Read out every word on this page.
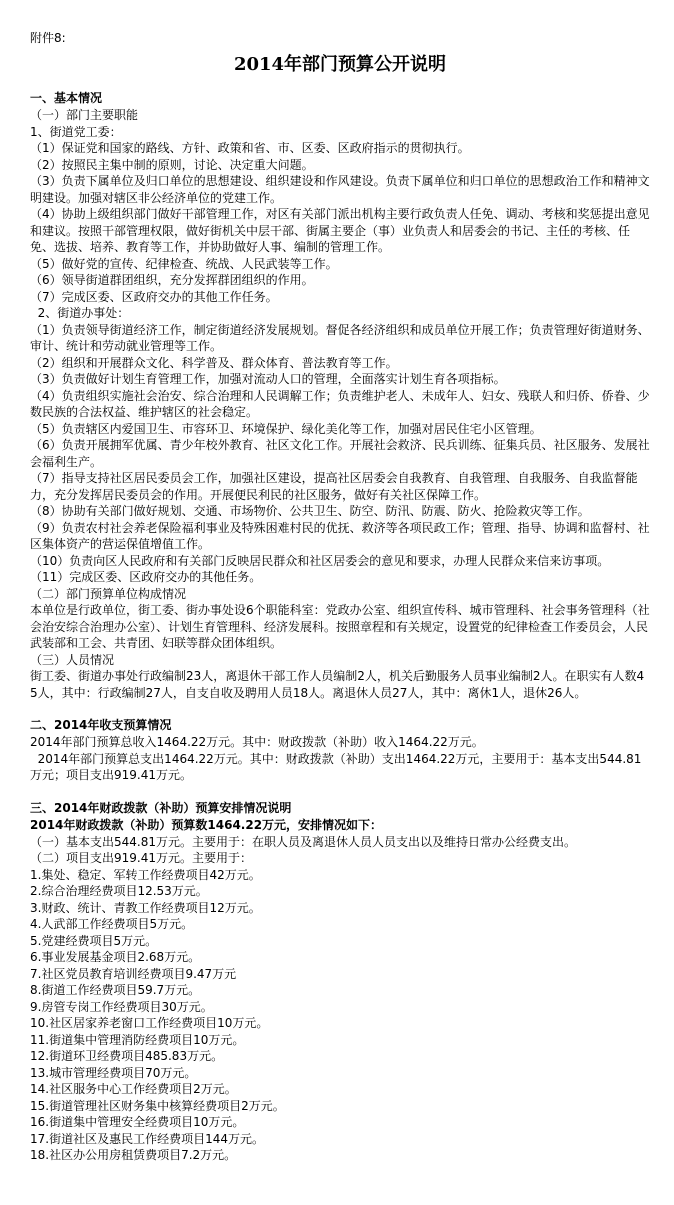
附件8:

2014年部门预算公开说明

一、基本情况

（一）部门主要职能

1、街道党工委：

（1）保证党和国家的路线、方针、政策和省、市、区委、区政府指示的贯彻执行。

（2）按照民主集中制的原则，讨论、决定重大问题。

（3）负责下属单位及归口单位的思想建设、组织建设和作风建设。负责下属单位和归口单位的思想政治工作和精神文明建设。加强对辖区非公经济单位的党建工作。

（4）协助上级组织部门做好干部管理工作，对区有关部门派出机构主要行政负责人任免、调动、考核和奖惩提出意见和建议。按照干部管理权限，做好街机关中层干部、街属主要企（事）业负责人和居委会的书记、主任的考核、任免、选拔、培养、教育等工作，并协助做好人事、编制的管理工作。

（5）做好党的宣传、纪律检查、统战、人民武装等工作。

（6）领导街道群团组织，充分发挥群团组织的作用。

（7）完成区委、区政府交办的其他工作任务。

2、街道办事处：

（1）负责领导街道经济工作，制定街道经济发展规划。督促各经济组织和成员单位开展工作；负责管理好街道财务、审计、统计和劳动就业管理等工作。

（2）组织和开展群众文化、科学普及、群众体育、普法教育等工作。

（3）负责做好计划生育管理工作，加强对流动人口的管理，全面落实计划生育各项指标。

（4）负责组织实施社会治安、综合治理和人民调解工作；负责维护老人、未成年人、妇女、残联人和归侨、侨眷、少数民族的合法权益、维护辖区的社会稳定。

（5）负责辖区内爱国卫生、市容环卫、环境保护、绿化美化等工作，加强对居民住宅小区管理。

（6）负责开展拥军优属、青少年校外教育、社区文化工作。开展社会救济、民兵训练、征集兵员、社区服务、发展社会福利生产。

（7）指导支持社区居民委员会工作，加强社区建设，提高社区居委会自我教育、自我管理、自我服务、自我监督能力，充分发挥居民委员会的作用。开展便民利民的社区服务，做好有关社区保障工作。

（8）协助有关部门做好规划、交通、市场物价、公共卫生、防空、防汛、防震、防火、抢险救灾等工作。

（9）负责农村社会养老保险福利事业及特殊困难村民的优抚、救济等各项民政工作；管理、指导、协调和监督村、社区集体资产的营运保值增值工作。

（10）负责向区人民政府和有关部门反映居民群众和社区居委会的意见和要求，办理人民群众来信来访事项。

（11）完成区委、区政府交办的其他任务。

（二）部门预算单位构成情况

本单位是行政单位，街工委、街办事处设6个职能科室：党政办公室、组织宣传科、城市管理科、社会事务管理科（社会治安综合治理办公室）、计划生育管理科、经济发展科。按照章程和有关规定，设置党的纪律检查工作委员会，人民武装部和工会、共青团、妇联等群众团体组织。

（三）人员情况

街工委、街道办事处行政编制23人，离退休干部工作人员编制2人，机关后勤服务人员事业编制2人。在职实有人数45人，其中：行政编制27人，自支自收及聘用人员18人。离退休人员27人，其中：离休1人，退休26人。

二、2014年收支预算情况

2014年部门预算总收入1464.22万元。其中：财政拨款（补助）收入1464.22万元。

2014年部门预算总支出1464.22万元。其中：财政拨款（补助）支出1464.22万元，主要用于：基本支出544.81万元；项目支出919.41万元。

三、2014年财政拨款（补助）预算安排情况说明

2014年财政拨款（补助）预算数1464.22万元，安排情况如下：

（一）基本支出544.81万元。主要用于：在职人员及离退休人员人员支出以及维持日常办公经费支出。

（二）项目支出919.41万元。主要用于：

1.集处、稳定、军转工作经费项目42万元。

2.综合治理经费项目12.53万元。

3.财政、统计、青教工作经费项目12万元。

4.人武部工作经费项目5万元。

5.党建经费项目5万元。

6.事业发展基金项目2.68万元。

7.社区党员教育培训经费项目9.47万元

8.街道工作经费项目59.7万元。

9.房管专岗工作经费项目30万元。

10.社区居家养老窗口工作经费项目10万元。

11.街道集中管理消防经费项目10万元。

12.街道环卫经费项目485.83万元。

13.城市管理经费项目70万元。

14.社区服务中心工作经费项目2万元。

15.街道管理社区财务集中核算经费项目2万元。

16.街道集中管理安全经费项目10万元。

17.街道社区及惠民工作经费项目144万元。

18.社区办公用房租赁费项目7.2万元。
